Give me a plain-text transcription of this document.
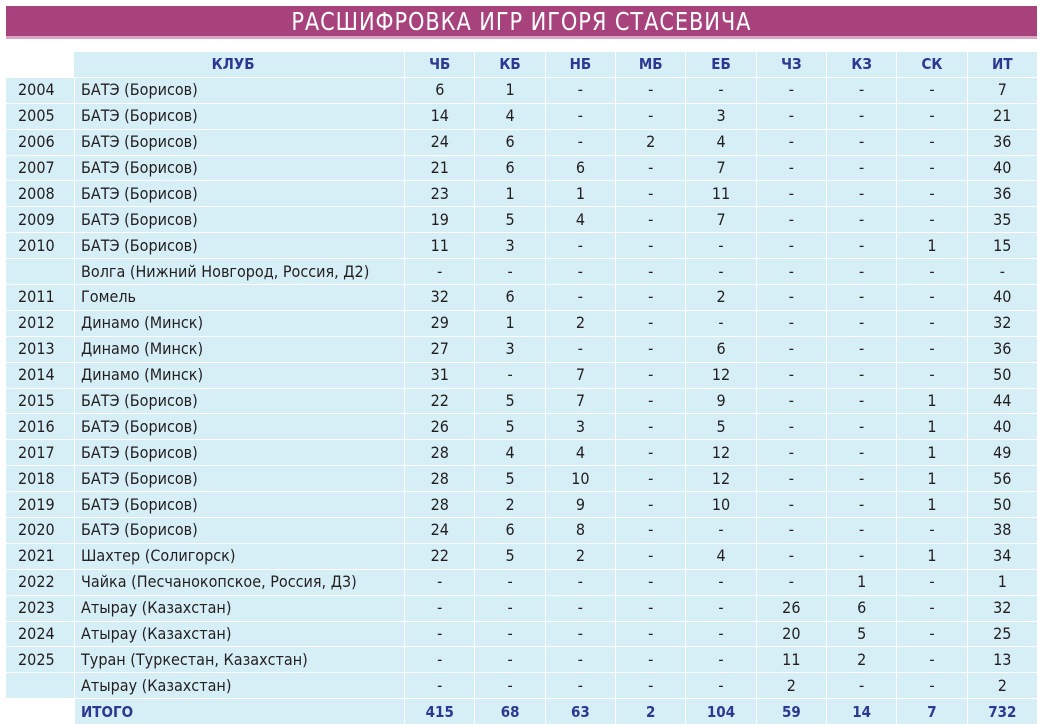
РАСШИФРОВКА ИГР ИГОРЯ СТАСЕВИЧА
	КЛУБ	ЧБ	КБ	НБ	МБ	ЕБ	ЧЗ	КЗ	СК	ИТ
2004	БАТЭ (Борисов)	6	1	-	-	-	-	-	-	7
2005	БАТЭ (Борисов)	14	4	-	-	3	-	-	-	21
2006	БАТЭ (Борисов)	24	6	-	2	4	-	-	-	36
2007	БАТЭ (Борисов)	21	6	6	-	7	-	-	-	40
2008	БАТЭ (Борисов)	23	1	1	-	11	-	-	-	36
2009	БАТЭ (Борисов)	19	5	4	-	7	-	-	-	35
2010	БАТЭ (Борисов)	11	3	-	-	-	-	-	1	15
	Волга (Нижний Новгород, Россия, Д2)	-	-	-	-	-	-	-	-	-
2011	Гомель	32	6	-	-	2	-	-	-	40
2012	Динамо (Минск)	29	1	2	-	-	-	-	-	32
2013	Динамо (Минск)	27	3	-	-	6	-	-	-	36
2014	Динамо (Минск)	31	-	7	-	12	-	-	-	50
2015	БАТЭ (Борисов)	22	5	7	-	9	-	-	1	44
2016	БАТЭ (Борисов)	26	5	3	-	5	-	-	1	40
2017	БАТЭ (Борисов)	28	4	4	-	12	-	-	1	49
2018	БАТЭ (Борисов)	28	5	10	-	12	-	-	1	56
2019	БАТЭ (Борисов)	28	2	9	-	10	-	-	1	50
2020	БАТЭ (Борисов)	24	6	8	-	-	-	-	-	38
2021	Шахтер (Солигорск)	22	5	2	-	4	-	-	1	34
2022	Чайка (Песчанокопское, Россия, Д3)	-	-	-	-	-	-	1	-	1
2023	Атырау (Казахстан)	-	-	-	-	-	26	6	-	32
2024	Атырау (Казахстан)	-	-	-	-	-	20	5	-	25
2025	Туран (Туркестан, Казахстан)	-	-	-	-	-	11	2	-	13
	Атырау (Казахстан)	-	-	-	-	-	2	-	-	2
	ИТОГО	415	68	63	2	104	59	14	7	732
